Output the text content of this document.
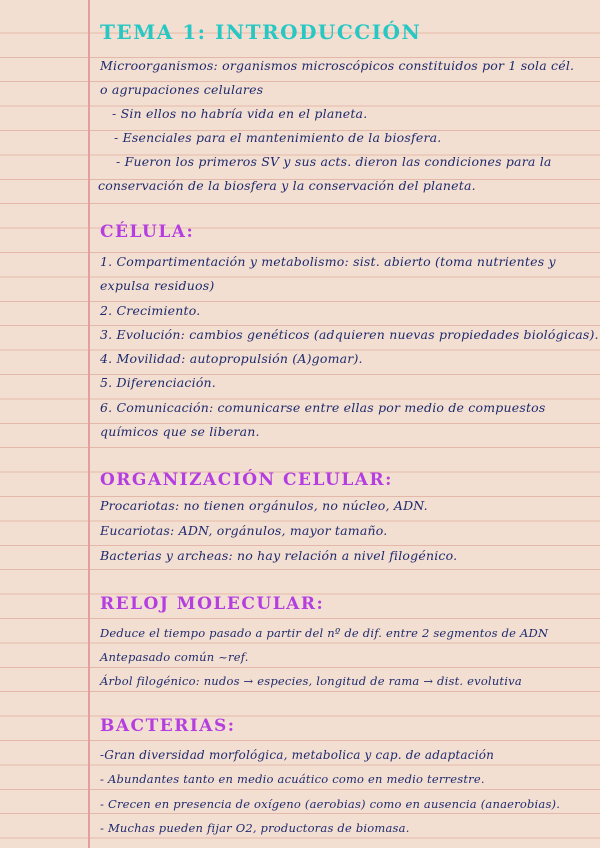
TEMA 1: INTRODUCCIÓN
Microorganismos: organismos microscópicos constituidos por 1 sola cél.
o agrupaciones celulares
- Sin ellos no habría vida en el planeta.
- Esenciales para el mantenimiento de la biosfera.
- Fueron los primeros SV y sus acts. dieron las condiciones para la
conservación de la biosfera y la conservación del planeta.
CÉLULA:
1. Compartimentación y metabolismo: sist. abierto (toma nutrientes y
expulsa residuos)
2. Crecimiento.
3. Evolución: cambios genéticos (adquieren nuevas propiedades biológicas).
4. Movilidad: autopropulsión (A)gomar).
5. Diferenciación.
6. Comunicación: comunicarse entre ellas por medio de compuestos
químicos que se liberan.
ORGANIZACIÓN CELULAR:
Procariotas: no tienen orgánulos, no núcleo, ADN.
Eucariotas: ADN, orgánulos, mayor tamaño.
Bacterias y archeas: no hay relación a nivel filogénico.
RELOJ MOLECULAR:
Deduce el tiempo pasado a partir del nº de dif. entre 2 segmentos de ADN
Antepasado común ~ref.
Árbol filogénico: nudos → especies, longitud de rama → dist. evolutiva
BACTERIAS:
-Gran diversidad morfológica, metabolica y cap. de adaptación
- Abundantes tanto en medio acuático como en medio terrestre.
- Crecen en presencia de oxígeno (aerobias) como en ausencia (anaerobias).
- Muchas pueden fijar O2, productoras de biomasa.
